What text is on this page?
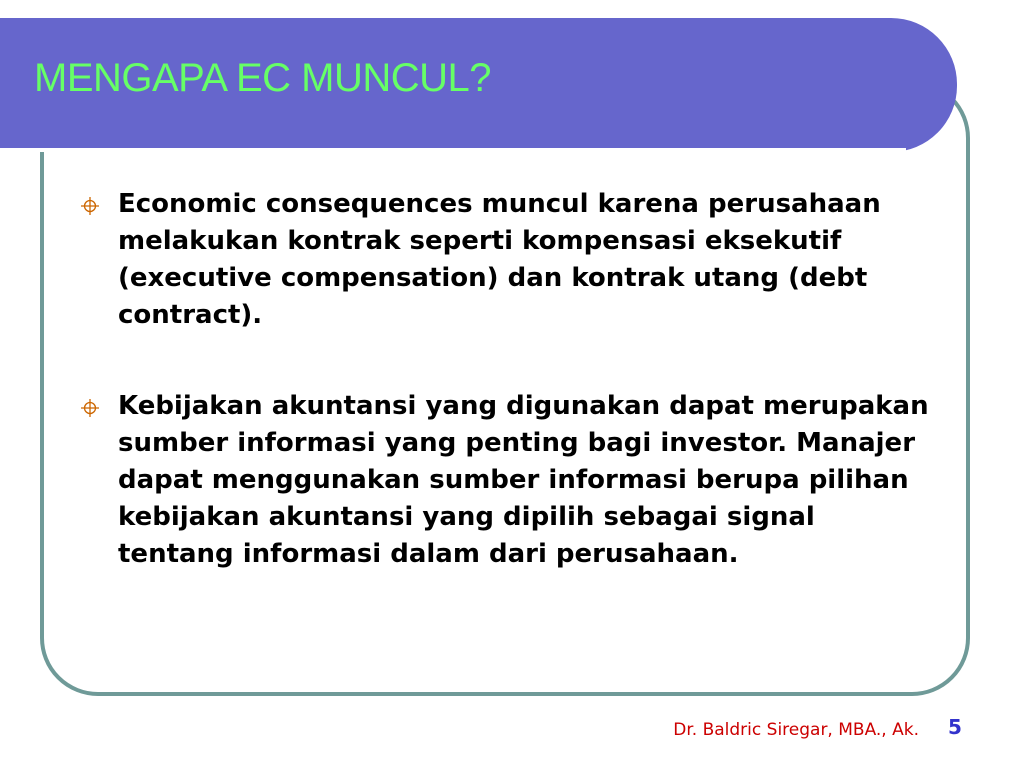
MENGAPA EC MUNCUL?
Economic consequences muncul karena perusahaan melakukan kontrak seperti kompensasi eksekutif (executive compensation) dan kontrak utang (debt contract).
Kebijakan akuntansi yang digunakan dapat merupakan sumber informasi yang penting bagi investor. Manajer dapat menggunakan sumber informasi berupa pilihan kebijakan akuntansi yang dipilih sebagai signal tentang informasi dalam dari perusahaan.
Dr. Baldric Siregar, MBA., Ak. 5
